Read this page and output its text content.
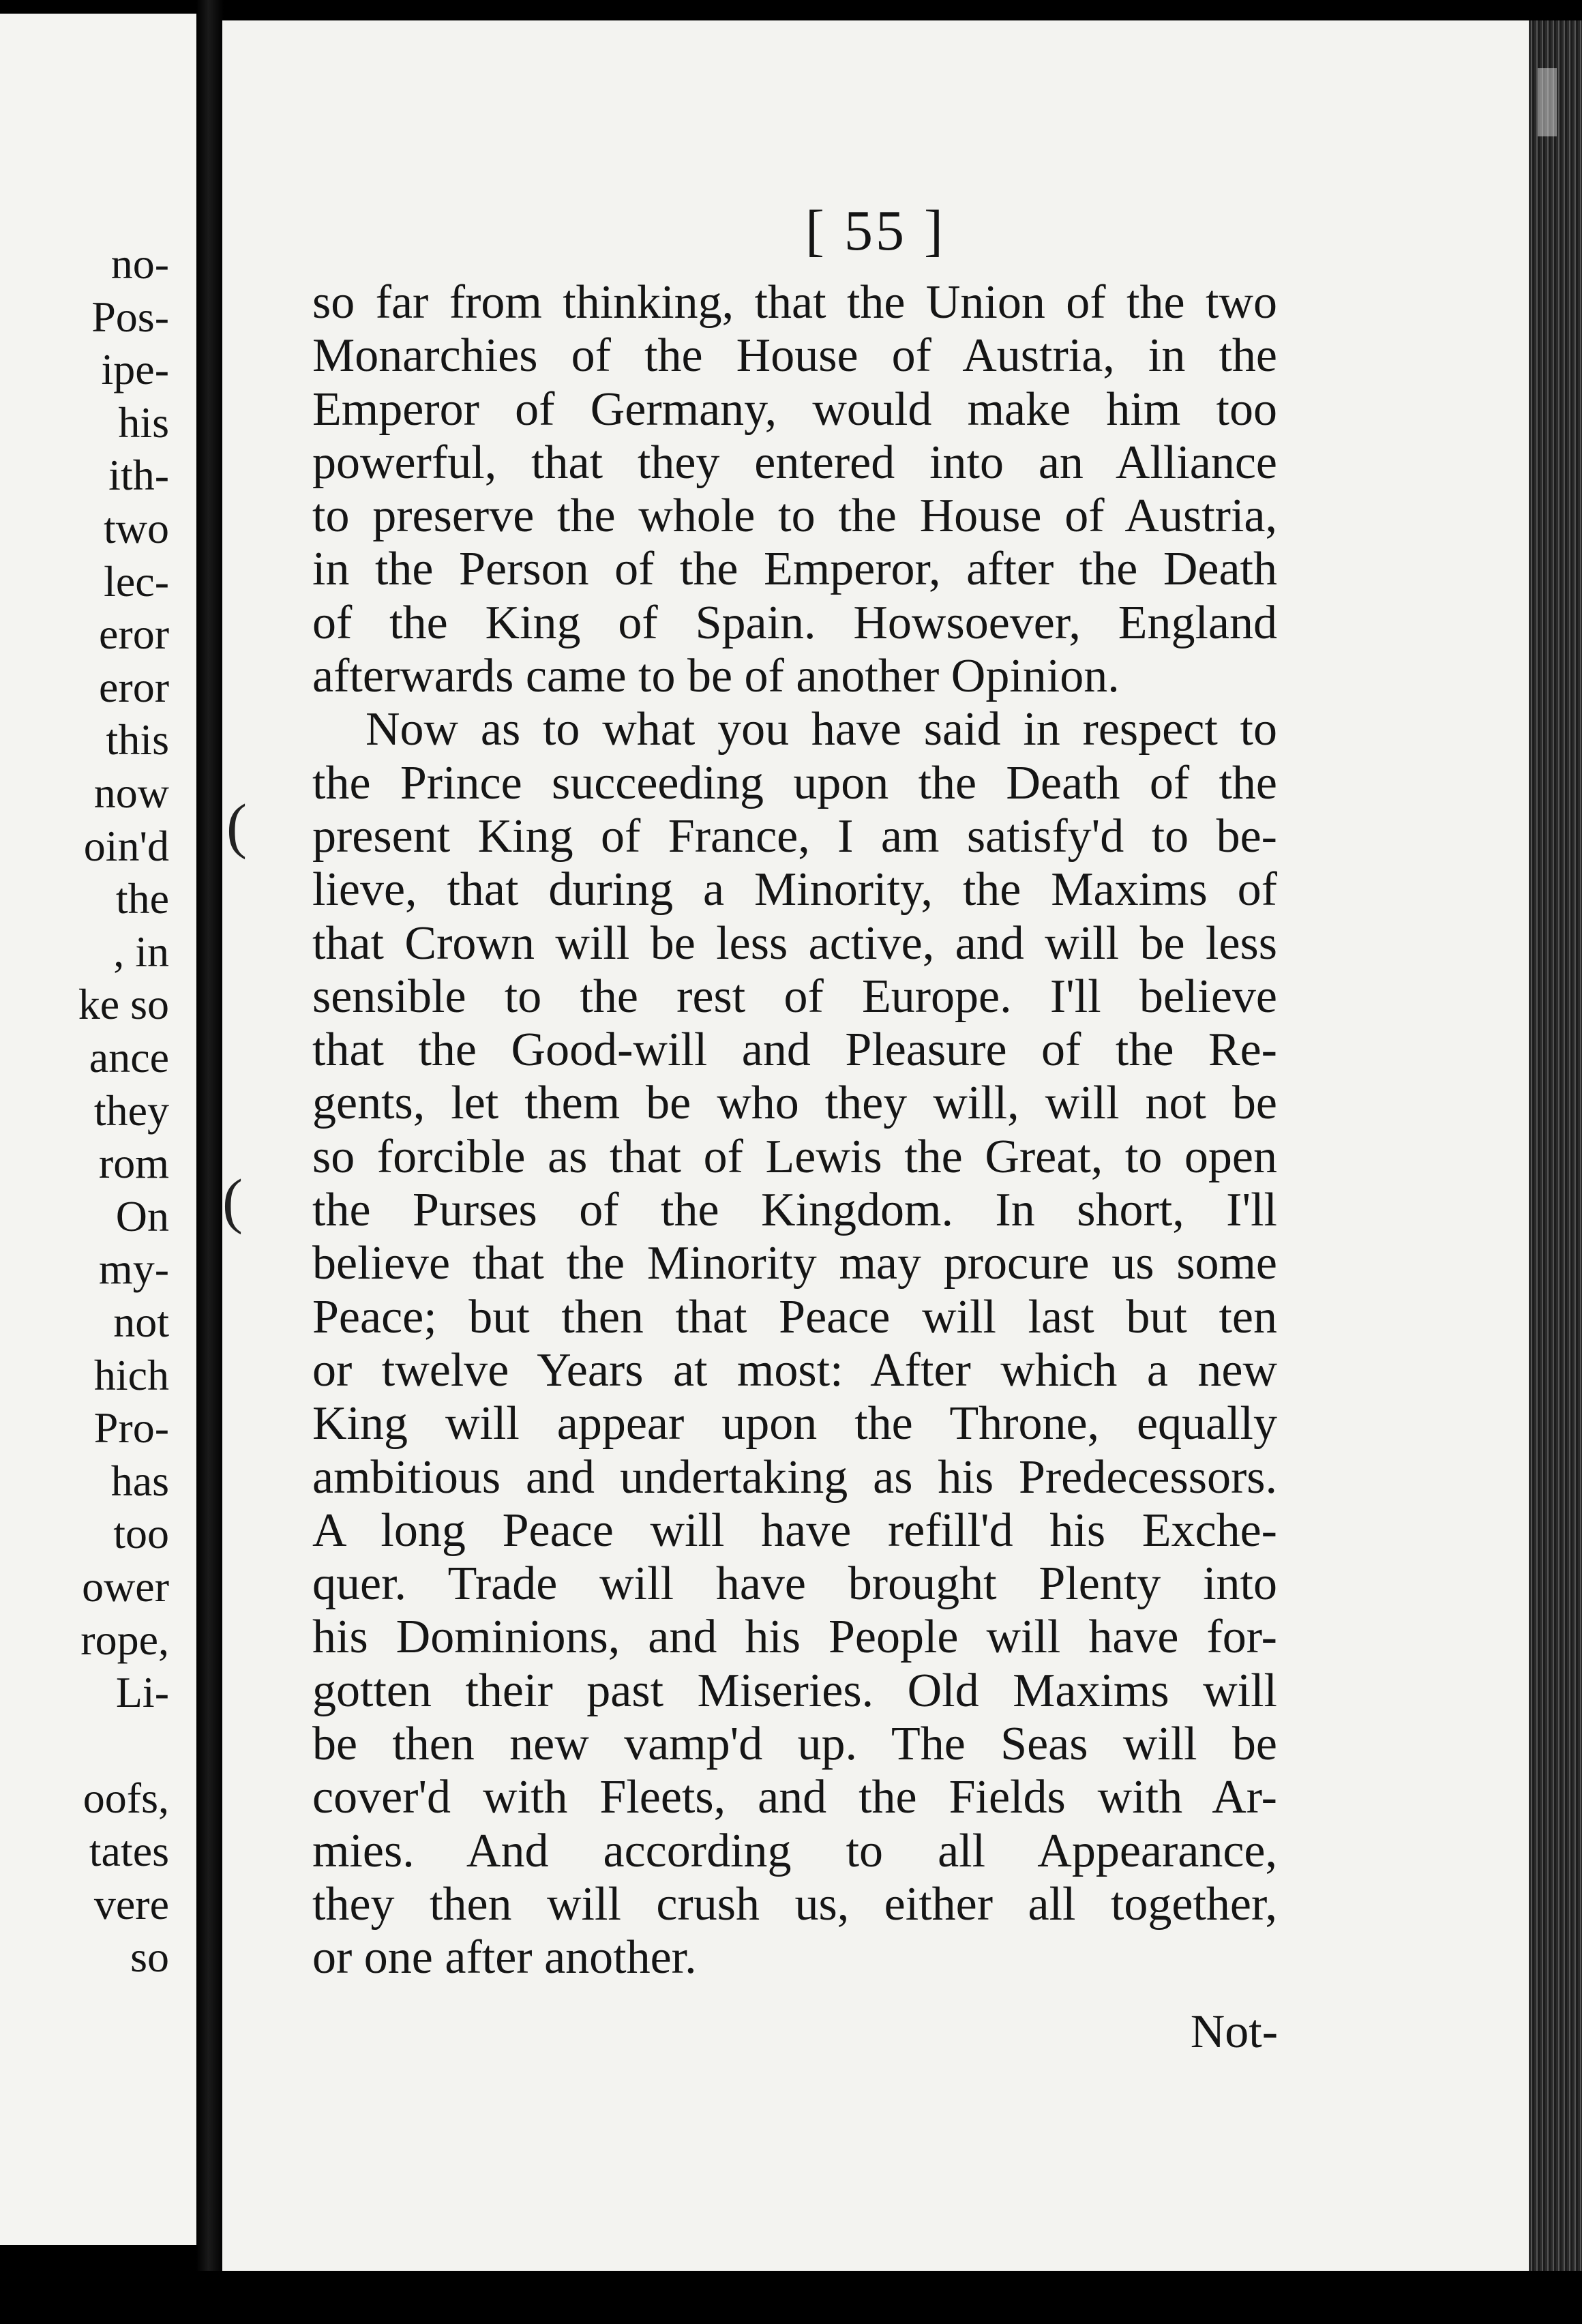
no-
Pos-
ipe-
his
ith-
two
lec-
eror
eror
this
now
oin'd
the
, in
ke so
ance
they
rom
On
my-
not
hich
Pro-
has
too
ower
rope,
Li-
oofs,
tates
vere
so
[ 55 ]
so far from thinking, that the Union of the two
Monarchies of the House of Austria, in the
Emperor of Germany, would make him too
powerful, that they entered into an Alliance
to preserve the whole to the House of Austria,
in the Person of the Emperor, after the Death
of the King of Spain. Howsoever, England
afterwards came to be of another Opinion.
Now as to what you have said in respect to
the Prince succeeding upon the Death of the
present King of France, I am satisfy'd to be-
lieve, that during a Minority, the Maxims of
that Crown will be less active, and will be less
sensible to the rest of Europe. I'll believe
that the Good-will and Pleasure of the Re-
gents, let them be who they will, will not be
so forcible as that of Lewis the Great, to open
the Purses of the Kingdom. In short, I'll
believe that the Minority may procure us some
Peace; but then that Peace will last but ten
or twelve Years at most: After which a new
King will appear upon the Throne, equally
ambitious and undertaking as his Predecessors.
A long Peace will have refill'd his Exche-
quer. Trade will have brought Plenty into
his Dominions, and his People will have for-
gotten their past Miseries. Old Maxims will
be then new vamp'd up. The Seas will be
cover'd with Fleets, and the Fields with Ar-
mies. And according to all Appearance,
they then will crush us, either all together,
or one after another.
Not-
(
(
